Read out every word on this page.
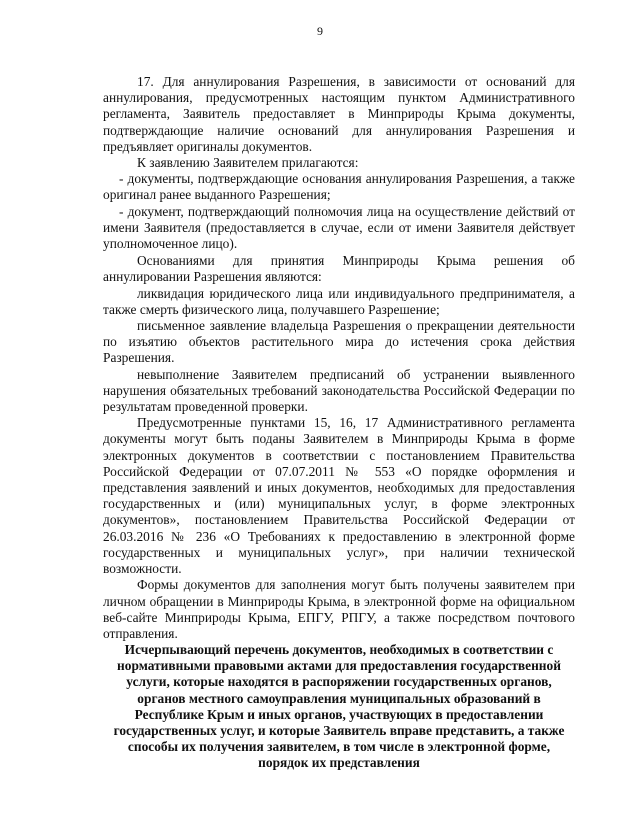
9

17. Для аннулирования Разрешения, в зависимости от оснований для аннулирования, предусмотренных настоящим пунктом Административного регламента, Заявитель предоставляет в Минприроды Крыма документы, подтверждающие наличие оснований для аннулирования Разрешения и предъявляет оригиналы документов.

К заявлению Заявителем прилагаются:

- документы, подтверждающие основания аннулирования Разрешения, а также оригинал ранее выданного Разрешения;

- документ, подтверждающий полномочия лица на осуществление действий от имени Заявителя (предоставляется в случае, если от имени Заявителя действует уполномоченное лицо).

Основаниями для принятия Минприроды Крыма решения об аннулировании Разрешения являются:

ликвидация юридического лица или индивидуального предпринимателя, а также смерть физического лица, получавшего Разрешение;

письменное заявление владельца Разрешения о прекращении деятельности по изъятию объектов растительного мира до истечения срока действия Разрешения.

невыполнение Заявителем предписаний об устранении выявленного нарушения обязательных требований законодательства Российской Федерации по результатам проведенной проверки.

Предусмотренные пунктами 15, 16, 17 Административного регламента документы могут быть поданы Заявителем в Минприроды Крыма в форме электронных документов в соответствии с постановлением Правительства Российской Федерации от 07.07.2011 № 553 «О порядке оформления и представления заявлений и иных документов, необходимых для предоставления государственных и (или) муниципальных услуг, в форме электронных документов», постановлением Правительства Российской Федерации от 26.03.2016 № 236 «О Требованиях к предоставлению в электронной форме государственных и муниципальных услуг», при наличии технической возможности.

Формы документов для заполнения могут быть получены заявителем при личном обращении в Минприроды Крыма, в электронной форме на официальном веб-сайте Минприроды Крыма, ЕПГУ, РПГУ, а также посредством почтового отправления.

Исчерпывающий перечень документов, необходимых в соответствии с
нормативными правовыми актами для предоставления государственной
услуги, которые находятся в распоряжении государственных органов,
органов местного самоуправления муниципальных образований в
Республике Крым и иных органов, участвующих в предоставлении
государственных услуг, и которые Заявитель вправе представить, а также
способы их получения заявителем, в том числе в электронной форме,
порядок их представления
